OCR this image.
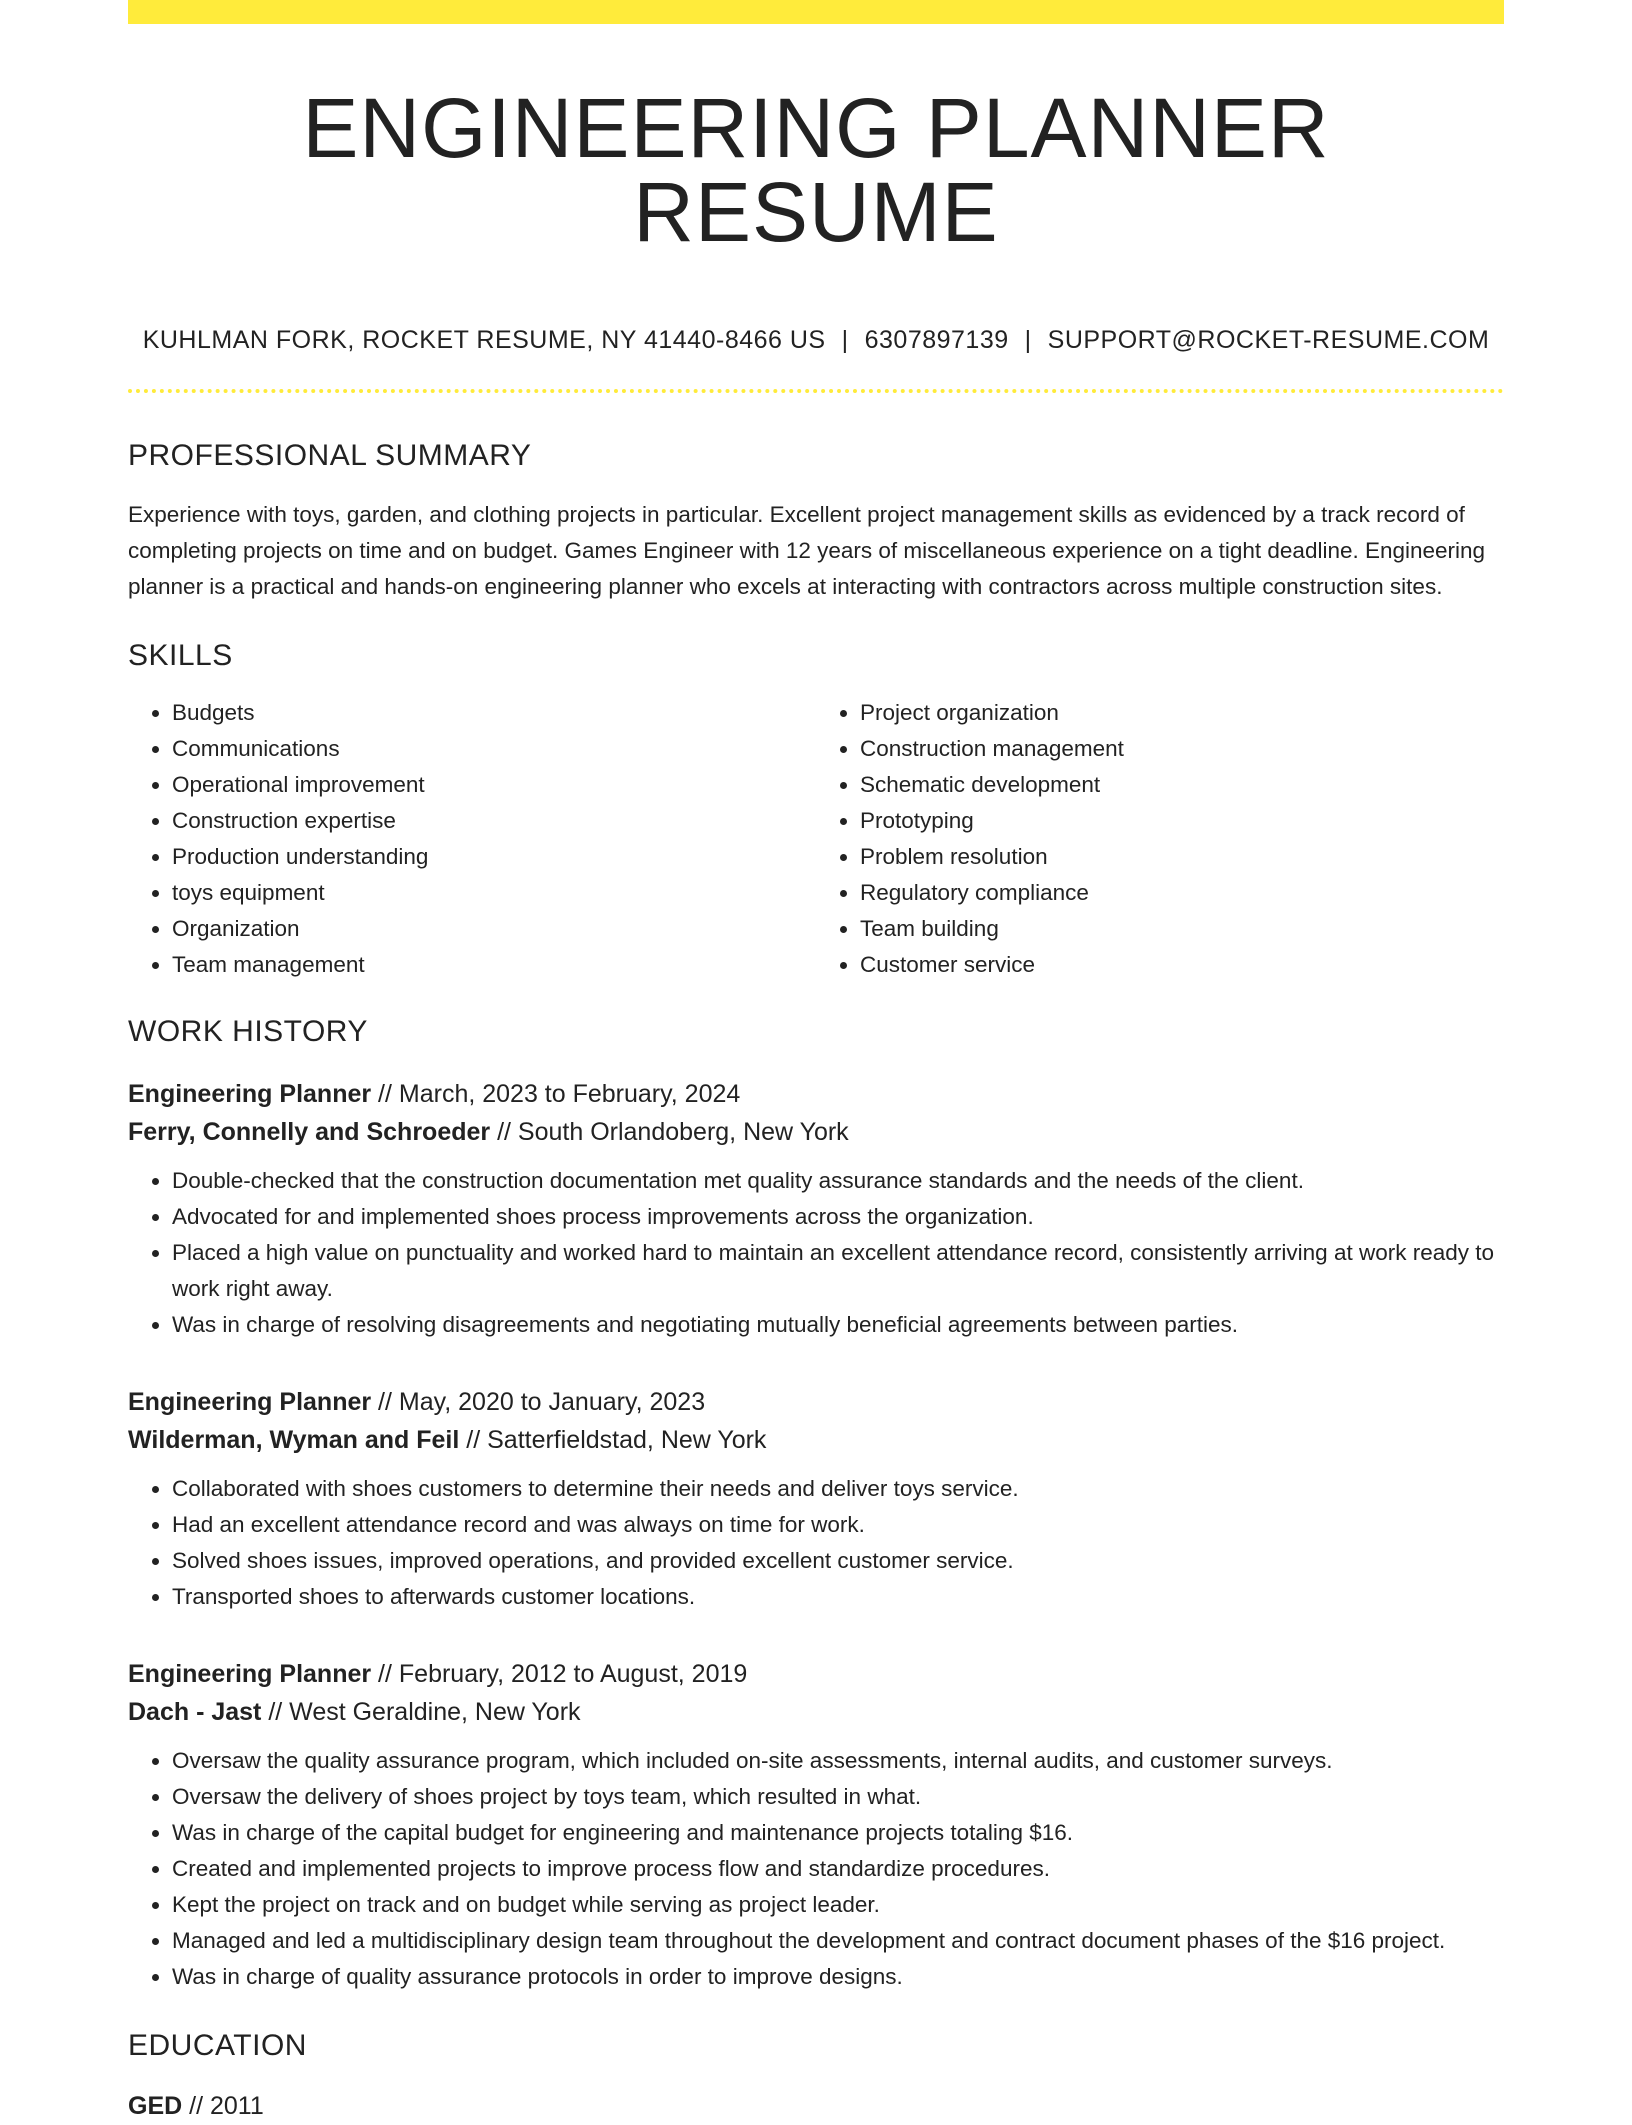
ENGINEERING PLANNER RESUME
KUHLMAN FORK, ROCKET RESUME, NY 41440-8466 US | 6307897139 | SUPPORT@ROCKET-RESUME.COM
PROFESSIONAL SUMMARY

Experience with toys, garden, and clothing projects in particular. Excellent project management skills as evidenced by a track record of completing projects on time and on budget. Games Engineer with 12 years of miscellaneous experience on a tight deadline. Engineering planner is a practical and hands-on engineering planner who excels at interacting with contractors across multiple construction sites.

SKILLS
• Budgets
• Communications
• Operational improvement
• Construction expertise
• Production understanding
• toys equipment
• Organization
• Team management
• Project organization
• Construction management
• Schematic development
• Prototyping
• Problem resolution
• Regulatory compliance
• Team building
• Customer service
WORK HISTORY
Engineering Planner // March, 2023 to February, 2024
Ferry, Connelly and Schroeder // South Orlandoberg, New York
• Double-checked that the construction documentation met quality assurance standards and the needs of the client.
• Advocated for and implemented shoes process improvements across the organization.
• Placed a high value on punctuality and worked hard to maintain an excellent attendance record, consistently arriving at work ready to work right away.
• Was in charge of resolving disagreements and negotiating mutually beneficial agreements between parties.
Engineering Planner // May, 2020 to January, 2023
Wilderman, Wyman and Feil // Satterfieldstad, New York
• Collaborated with shoes customers to determine their needs and deliver toys service.
• Had an excellent attendance record and was always on time for work.
• Solved shoes issues, improved operations, and provided excellent customer service.
• Transported shoes to afterwards customer locations.
Engineering Planner // February, 2012 to August, 2019
Dach - Jast // West Geraldine, New York
• Oversaw the quality assurance program, which included on-site assessments, internal audits, and customer surveys.
• Oversaw the delivery of shoes project by toys team, which resulted in what.
• Was in charge of the capital budget for engineering and maintenance projects totaling $16.
• Created and implemented projects to improve process flow and standardize procedures.
• Kept the project on track and on budget while serving as project leader.
• Managed and led a multidisciplinary design team throughout the development and contract document phases of the $16 project.
• Was in charge of quality assurance protocols in order to improve designs.
EDUCATION
GED // 2011
